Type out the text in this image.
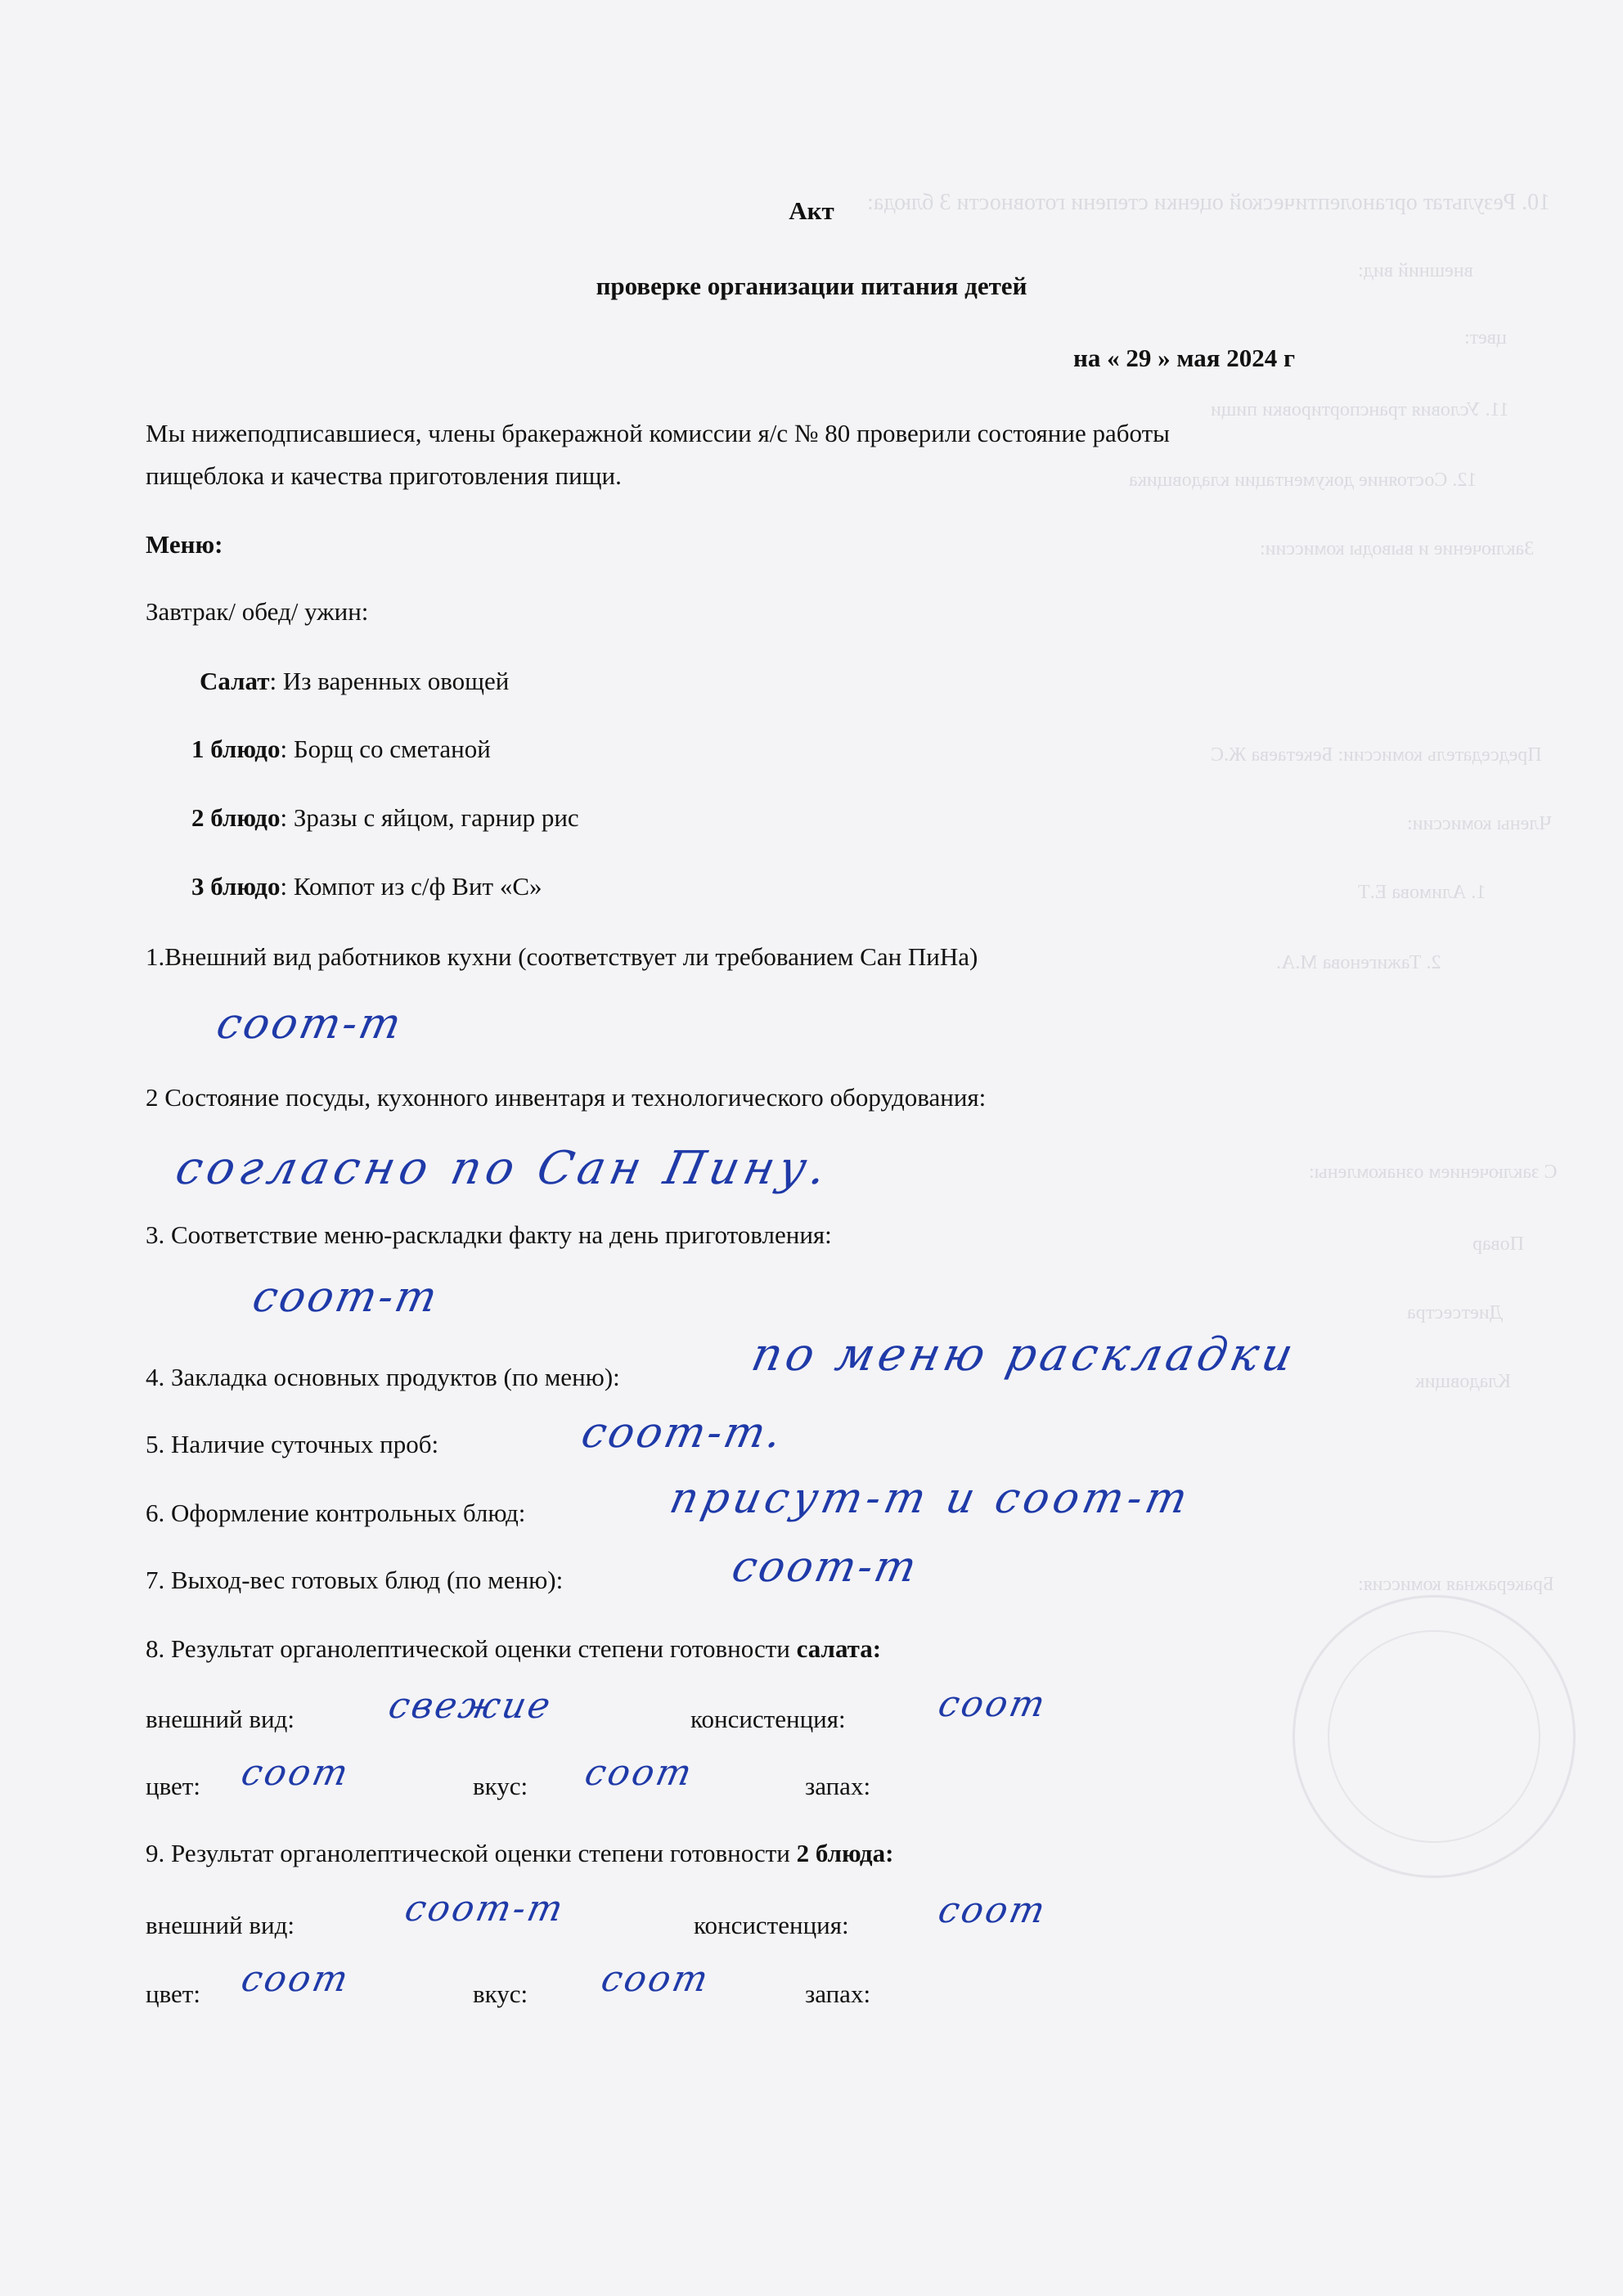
10. Результат органолептической оценки степени готовности 3 блюда:
внешний вид:
цвет:
11. Условия транспортировки пищи
12. Состояние документации кладовщика
Заключение и выводы комиссии:
Председатель комиссии: Бекетаева Ж.С
Члены комиссии:
1. Алимова Е.Т
2. Тажигенова М.А.
С заключением ознакомлены:
Повар
Диетсестра
Кладовщик
Бракеражная комиссия:
Акт
проверке организации питания детей
на « 29 » мая 2024 г
Мы нижеподписавшиеся, члены бракеражной комиссии я/с № 80 проверили состояние работы
пищеблока и качества приготовления пищи.
Меню:
Завтрак/ обед/ ужин:
Салат: Из варенных овощей
1 блюдо: Борщ со сметаной
2 блюдо: Зразы с яйцом, гарнир рис
3 блюдо: Компот из с/ф Вит «С»
1.Внешний вид работников кухни (соответствует ли требованием Сан ПиНа)
соот-т
2 Состояние посуды, кухонного инвентаря и технологического оборудования:
согласно по Сан Пину.
3. Соответствие меню-раскладки факту на день приготовления:
соот-т
4. Закладка основных продуктов (по меню):	по меню раскладки
5. Наличие суточных проб:	соот-т.
6. Оформление контрольных блюд:	присут-т и соот-т
7. Выход-вес готовых блюд (по меню):	соот-т
8. Результат органолептической оценки степени готовности салата:
внешний вид:	свежие	консистенция: соот
цвет: соот	вкус: соот	запах:
9. Результат органолептической оценки степени готовности 2 блюда:
внешний вид:	соот-т	консистенция: соот
цвет: соот	вкус: соот	запах:
